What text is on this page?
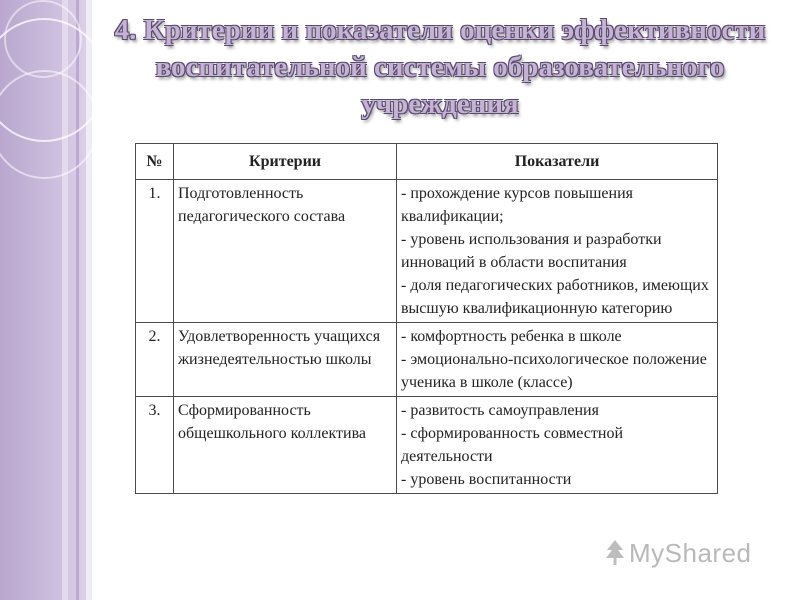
4. Критерии и показатели оценки эффективности
воспитательной системы образовательного
учреждения
№	Критерии	Показатели
1.	Подготовленность педагогического состава	- прохождение курсов повышения квалификации;
- уровень использования и разработки инноваций в области воспитания
- доля педагогических работников, имеющих высшую квалификационную категорию

2.	Удовлетворенность учащихся жизнедеятельностью школы	- комфортность ребенка в школе
- эмоционально-психологическое положение ученика в школе (классе)

3.	Сформированность общешкольного коллектива	- развитость самоуправления
- сформированность совместной деятельности
- уровень воспитанности
MyShared
